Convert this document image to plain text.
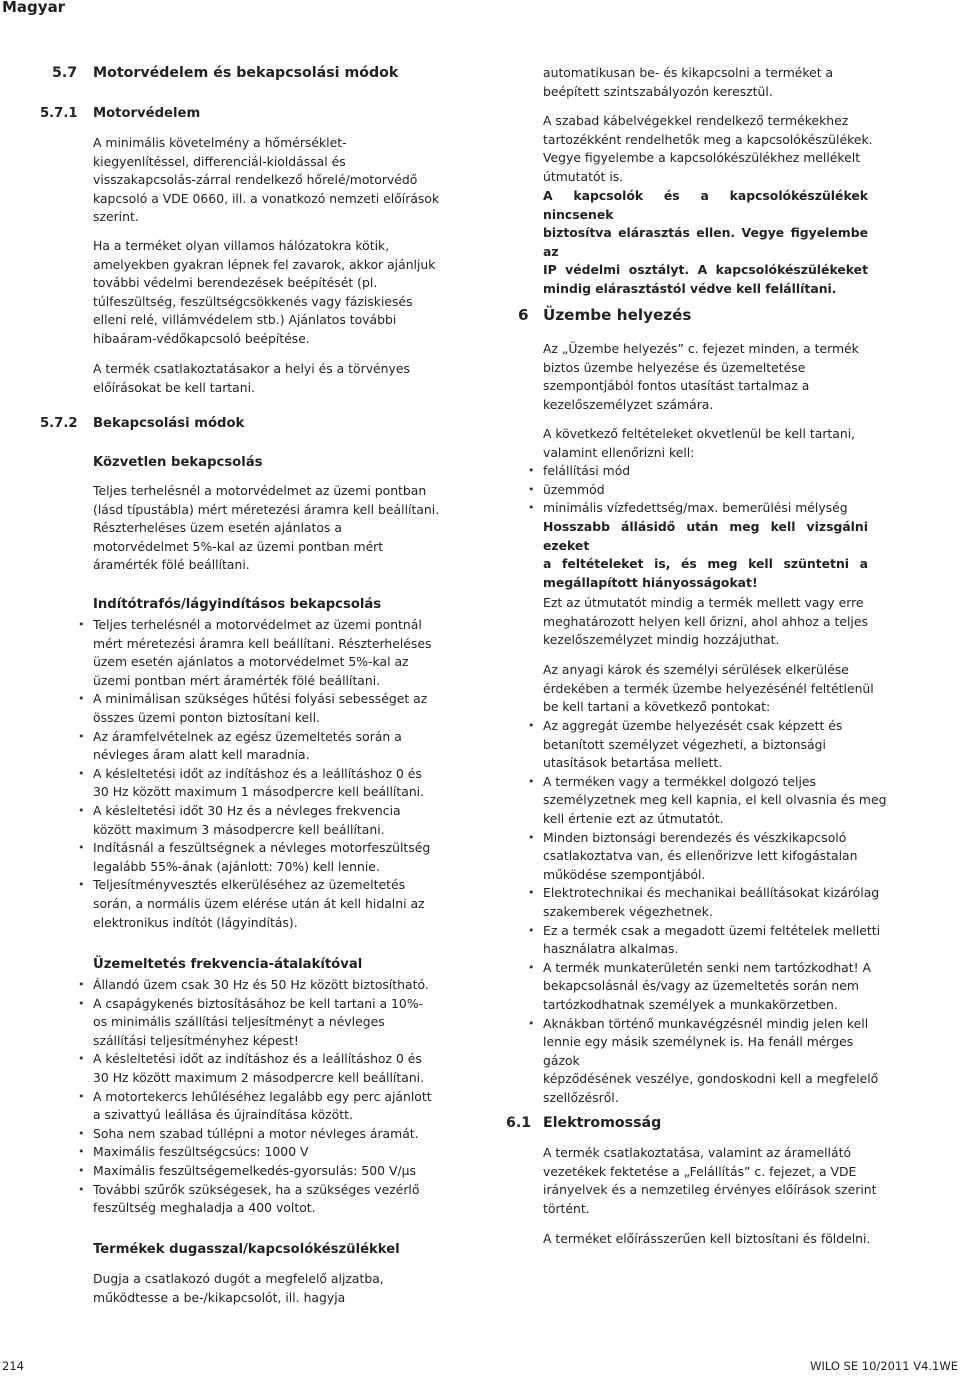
Magyar
5.7 Motorvédelem és bekapcsolási módok
5.7.1 Motorvédelem
A minimális követelmény a hőmérséklet-
kiegyenlítéssel, differenciál-kioldással és
visszakapcsolás-zárral rendelkező hőrelé/motorvédő
kapcsoló a VDE 0660, ill. a vonatkozó nemzeti előírások
szerint.
Ha a terméket olyan villamos hálózatokra kötik,
amelyekben gyakran lépnek fel zavarok, akkor ajánljuk
további védelmi berendezések beépítését (pl.
túlfeszültség, feszültségcsökkenés vagy fáziskiesés
elleni relé, villámvédelem stb.) Ajánlatos további
hibaáram-védőkapcsoló beépítése.
A termék csatlakoztatásakor a helyi és a törvényes
előírásokat be kell tartani.
5.7.2 Bekapcsolási módok
Közvetlen bekapcsolás
Teljes terhelésnél a motorvédelmet az üzemi pontban
(lásd típustábla) mért méretezési áramra kell beállítani.
Részterheléses üzem esetén ajánlatos a
motorvédelmet 5%-kal az üzemi pontban mért
áramérték fölé beállítani.
Indítótrafós/lágyindításos bekapcsolás
• Teljes terhelésnél a motorvédelmet az üzemi pontnál
mért méretezési áramra kell beállítani. Részterheléses
üzem esetén ajánlatos a motorvédelmet 5%-kal az
üzemi pontban mért áramérték fölé beállítani.
• A minimálisan szükséges hűtési folyási sebességet az
összes üzemi ponton biztosítani kell.
• Az áramfelvételnek az egész üzemeltetés során a
névleges áram alatt kell maradnia.
• A késleltetési időt az indításhoz és a leállításhoz 0 és
30 Hz között maximum 1 másodpercre kell beállítani.
• A késleltetési időt 30 Hz és a névleges frekvencia
között maximum 3 másodpercre kell beállítani.
• Indításnál a feszültségnek a névleges motorfeszültség
legalább 55%-ának (ajánlott: 70%) kell lennie.
• Teljesítményvesztés elkerüléséhez az üzemeltetés
során, a normális üzem elérése után át kell hidalni az
elektronikus indítót (lágyindítás).
Üzemeltetés frekvencia-átalakítóval
• Állandó üzem csak 30 Hz és 50 Hz között biztosítható.
• A csapágykenés biztosításához be kell tartani a 10%-
os minimális szállítási teljesítményt a névleges
szállítási teljesítményhez képest!
• A késleltetési időt az indításhoz és a leállításhoz 0 és
30 Hz között maximum 2 másodpercre kell beállítani.
• A motortekercs lehűléséhez legalább egy perc ajánlott
a szivattyú leállása és újraindítása között.
• Soha nem szabad túllépni a motor névleges áramát.
• Maximális feszültségcsúcs: 1000 V
• Maximális feszültségemelkedés-gyorsulás: 500 V/μs
• További szűrők szükségesek, ha a szükséges vezérlő
feszültség meghaladja a 400 voltot.
Termékek dugasszal/kapcsolókészülékkel
Dugja a csatlakozó dugót a megfelelő aljzatba,
működtesse a be-/kikapcsolót, ill. hagyja
automatikusan be- és kikapcsolni a terméket a
beépített szintszabályozón keresztül.
A szabad kábelvégekkel rendelkező termékekhez
tartozékként rendelhetők meg a kapcsolókészülékek.
Vegye figyelembe a kapcsolókészülékhez mellékelt
útmutatót is.
A kapcsolók és a kapcsolókészülékek nincsenek
biztosítva elárasztás ellen. Vegye figyelembe az
IP védelmi osztályt. A kapcsolókészülékeket
mindig elárasztástól védve kell felállítani.
6 Üzembe helyezés
Az „Üzembe helyezés” c. fejezet minden, a termék
biztos üzembe helyezése és üzemeltetése
szempontjából fontos utasítást tartalmaz a
kezelőszemélyzet számára.
A következő feltételeket okvetlenül be kell tartani,
valamint ellenőrizni kell:
• felállítási mód
• üzemmód
• minimális vízfedettség/max. bemerülési mélység
Hosszabb állásidő után meg kell vizsgálni ezeket
a feltételeket is, és meg kell szüntetni a
megállapított hiányosságokat!
Ezt az útmutatót mindig a termék mellett vagy erre
meghatározott helyen kell őrizni, ahol ahhoz a teljes
kezelőszemélyzet mindig hozzájuthat.
Az anyagi károk és személyi sérülések elkerülése
érdekében a termék üzembe helyezésénél feltétlenül
be kell tartani a következő pontokat:
• Az aggregát üzembe helyezését csak képzett és
betanított személyzet végezheti, a biztonsági
utasítások betartása mellett.
• A terméken vagy a termékkel dolgozó teljes
személyzetnek meg kell kapnia, el kell olvasnia és meg
kell értenie ezt az útmutatót.
• Minden biztonsági berendezés és vészkikapcsoló
csatlakoztatva van, és ellenőrizve lett kifogástalan
működése szempontjából.
• Elektrotechnikai és mechanikai beállításokat kizárólag
szakemberek végezhetnek.
• Ez a termék csak a megadott üzemi feltételek melletti
használatra alkalmas.
• A termék munkaterületén senki nem tartózkodhat! A
bekapcsolásnál és/vagy az üzemeltetés során nem
tartózkodhatnak személyek a munkakörzetben.
• Aknákban történő munkavégzésnél mindig jelen kell
lennie egy másik személynek is. Ha fenáll mérges gázok
képződésének veszélye, gondoskodni kell a megfelelő
szellőzésről.
6.1 Elektromosság
A termék csatlakoztatása, valamint az áramellátó
vezetékek fektetése a „Felállítás” c. fejezet, a VDE
irányelvek és a nemzetileg érvényes előírások szerint
történt.
A terméket előírásszerűen kell biztosítani és földelni.
214	WILO SE 10/2011 V4.1WE
